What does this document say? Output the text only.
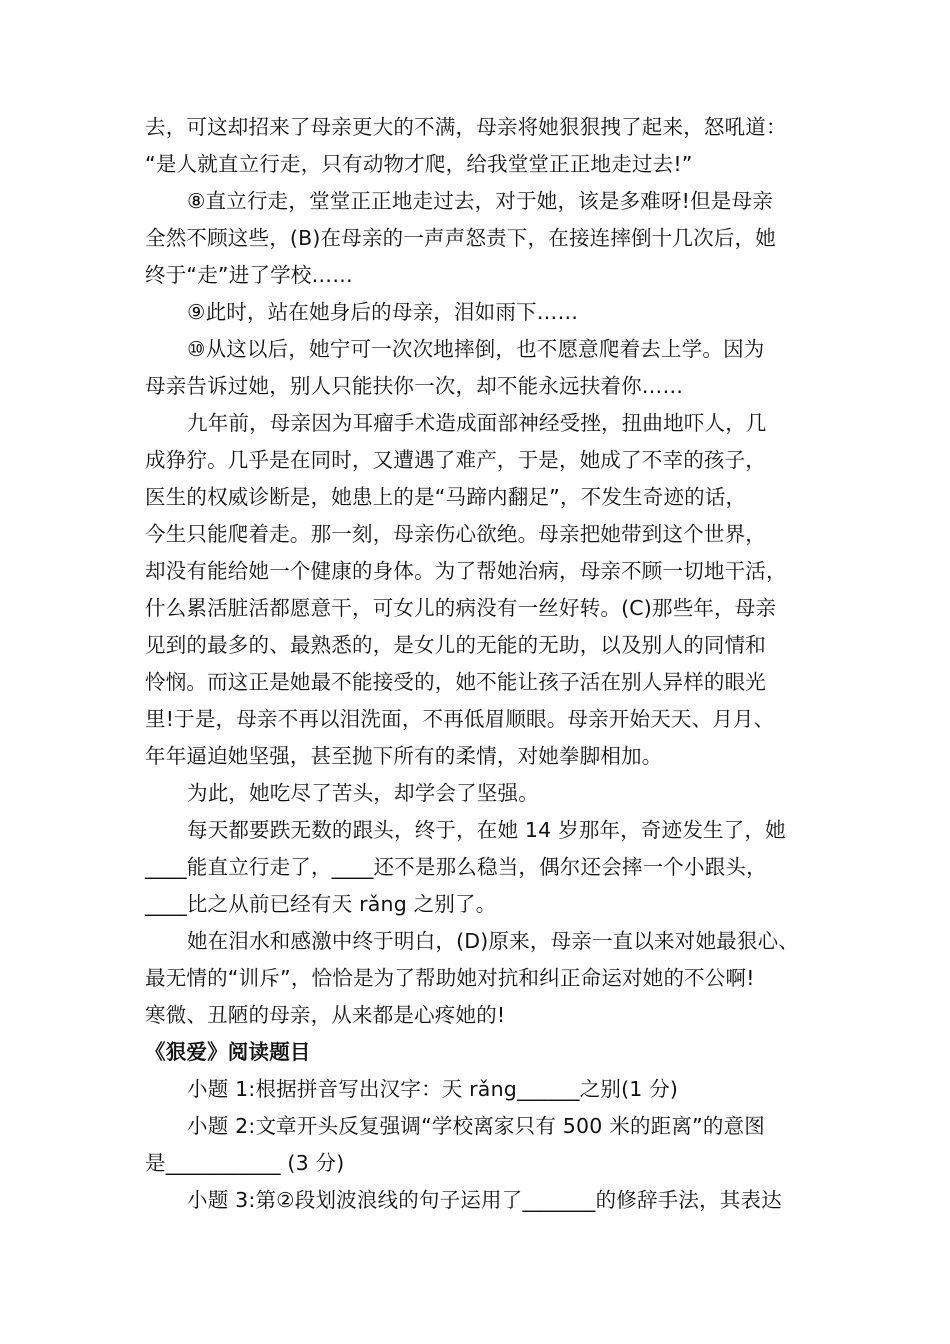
去，可这却招来了母亲更大的不满，母亲将她狠狠拽了起来，怒吼道：
“是人就直立行走，只有动物才爬，给我堂堂正正地走过去!”
⑧直立行走，堂堂正正地走过去，对于她，该是多难呀!但是母亲
全然不顾这些，(B)在母亲的一声声怒责下，在接连摔倒十几次后，她
终于“走”进了学校……
⑨此时，站在她身后的母亲，泪如雨下……
⑩从这以后，她宁可一次次地摔倒，也不愿意爬着去上学。因为
母亲告诉过她，别人只能扶你一次，却不能永远扶着你……
九年前，母亲因为耳瘤手术造成面部神经受挫，扭曲地吓人，几
成狰狞。几乎是在同时，又遭遇了难产，于是，她成了不幸的孩子，
医生的权威诊断是，她患上的是“马蹄内翻足”，不发生奇迹的话，
今生只能爬着走。那一刻，母亲伤心欲绝。母亲把她带到这个世界，
却没有能给她一个健康的身体。为了帮她治病，母亲不顾一切地干活，
什么累活脏活都愿意干，可女儿的病没有一丝好转。(C)那些年，母亲
见到的最多的、最熟悉的，是女儿的无能的无助，以及别人的同情和
怜悯。而这正是她最不能接受的，她不能让孩子活在别人异样的眼光
里!于是，母亲不再以泪洗面，不再低眉顺眼。母亲开始天天、月月、
年年逼迫她坚强，甚至抛下所有的柔情，对她拳脚相加。
为此，她吃尽了苦头，却学会了坚强。
每天都要跌无数的跟头，终于，在她 14 岁那年，奇迹发生了，她
____能直立行走了，____还不是那么稳当，偶尔还会摔一个小跟头，
____比之从前已经有天 rǎng 之别了。
她在泪水和感激中终于明白，(D)原来，母亲一直以来对她最狠心、
最无情的“训斥”，恰恰是为了帮助她对抗和纠正命运对她的不公啊!
寒微、丑陋的母亲，从来都是心疼她的!
《狠爱》阅读题目
小题 1:根据拼音写出汉字：天 rǎng______之别(1 分)
小题 2:文章开头反复强调“学校离家只有 500 米的距离”的意图
是___________ (3 分)
小题 3:第②段划波浪线的句子运用了_______的修辞手法，其表达
